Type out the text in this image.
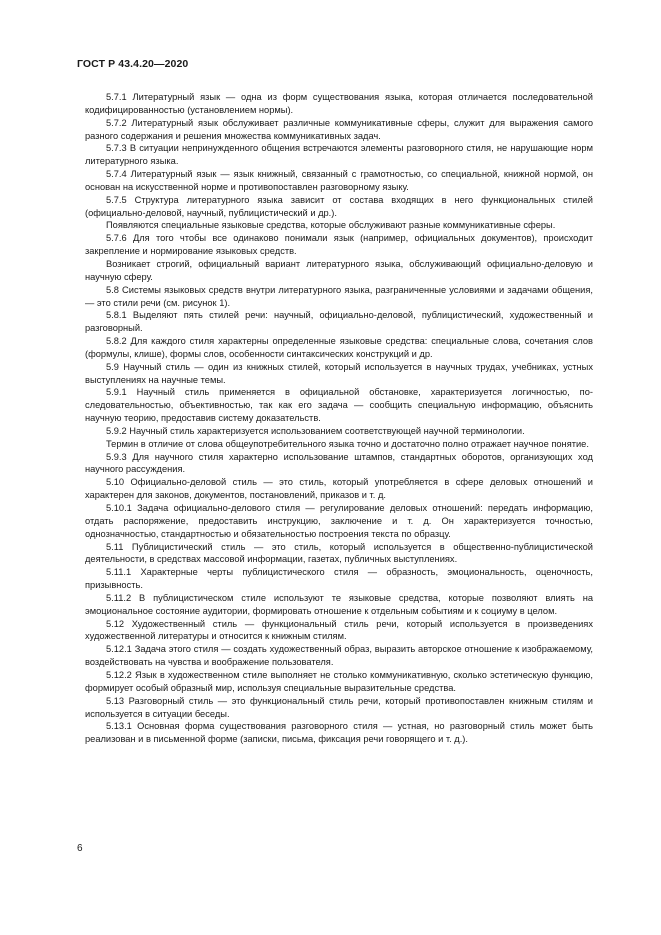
ГОСТ Р 43.4.20—2020

5.7.1 Литературный язык — одна из форм существования языка, которая отличается последовательной кодифицированностью (установлением нормы).

5.7.2 Литературный язык обслуживает различные коммуникативные сферы, служит для выражения самого разного содержания и решения множества коммуникативных задач.

5.7.3 В ситуации непринужденного общения встречаются элементы разговорного стиля, не нарушающие норм литературного языка.

5.7.4 Литературный язык — язык книжный, связанный с грамотностью, со специальной, книжной нормой, он основан на искусственной норме и противопоставлен разговорному языку.

5.7.5 Структура литературного языка зависит от состава входящих в него функциональных стилей (официально-деловой, научный, публицистический и др.).

Появляются специальные языковые средства, которые обслуживают разные коммуникативные сферы.

5.7.6 Для того чтобы все одинаково понимали язык (например, официальных документов), происходит закрепление и нормирование языковых средств.

Возникает строгий, официальный вариант литературного языка, обслуживающий официально-деловую и научную сферу.

5.8 Системы языковых средств внутри литературного языка, разграниченные условиями и задачами общения, — это стили речи (см. рисунок 1).

5.8.1 Выделяют пять стилей речи: научный, официально-деловой, публицистический, художественный и разговорный.

5.8.2 Для каждого стиля характерны определенные языковые средства: специальные слова, сочетания слов (формулы, клише), формы слов, особенности синтаксических конструкций и др.

5.9 Научный стиль — один из книжных стилей, который используется в научных трудах, учебниках, устных выступлениях на научные темы.

5.9.1 Научный стиль применяется в официальной обстановке, характеризуется логичностью, последовательностью, объективностью, так как его задача — сообщить специальную информацию, объяснить научную теорию, предоставив систему доказательств.

5.9.2 Научный стиль характеризуется использованием соответствующей научной терминологии.

Термин в отличие от слова общеупотребительного языка точно и достаточно полно отражает научное понятие.

5.9.3 Для научного стиля характерно использование штампов, стандартных оборотов, организующих ход научного рассуждения.

5.10 Официально-деловой стиль — это стиль, который употребляется в сфере деловых отношений и характерен для законов, документов, постановлений, приказов и т. д.

5.10.1 Задача официально-делового стиля — регулирование деловых отношений: передать информацию, отдать распоряжение, предоставить инструкцию, заключение и т. д. Он характеризуется точностью, однозначностью, стандартностью и обязательностью построения текста по образцу.

5.11 Публицистический стиль — это стиль, который используется в общественно-публицистической деятельности, в средствах массовой информации, газетах, публичных выступлениях.

5.11.1 Характерные черты публицистического стиля — образность, эмоциональность, оценочность, призывность.

5.11.2 В публицистическом стиле используют те языковые средства, которые позволяют влиять на эмоциональное состояние аудитории, формировать отношение к отдельным событиям и к социуму в целом.

5.12 Художественный стиль — функциональный стиль речи, который используется в произведениях художественной литературы и относится к книжным стилям.

5.12.1 Задача этого стиля — создать художественный образ, выразить авторское отношение к изображаемому, воздействовать на чувства и воображение пользователя.

5.12.2 Язык в художественном стиле выполняет не столько коммуникативную, сколько эстетическую функцию, формирует особый образный мир, используя специальные выразительные средства.

5.13 Разговорный стиль — это функциональный стиль речи, который противопоставлен книжным стилям и используется в ситуации беседы.

5.13.1 Основная форма существования разговорного стиля — устная, но разговорный стиль может быть реализован и в письменной форме (записки, письма, фиксация речи говорящего и т. д.).

6
